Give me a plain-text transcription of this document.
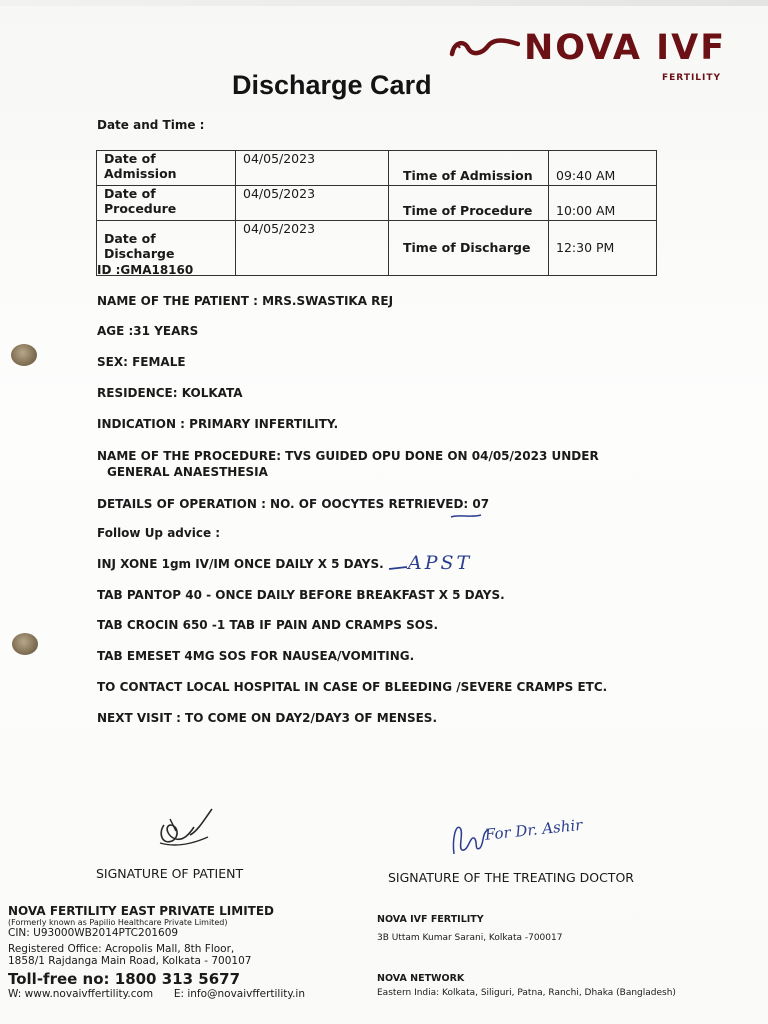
NOVA IVF
FERTILITY
Discharge Card
Date and Time :
Date of Admission	04/05/2023	Time of Admission	09:40 AM
Date of Procedure	04/05/2023	Time of Procedure	10:00 AM
Date of Discharge	04/05/2023	Time of Discharge	12:30 PM
ID :GMA18160
NAME OF THE PATIENT : MRS.SWASTIKA REJ
AGE :31 YEARS
SEX: FEMALE
RESIDENCE: KOLKATA
INDICATION : PRIMARY INFERTILITY.
NAME OF THE PROCEDURE: TVS GUIDED OPU DONE ON 04/05/2023 UNDER
GENERAL ANAESTHESIA
DETAILS OF OPERATION : NO. OF OOCYTES RETRIEVED: 07
Follow Up advice :
INJ XONE 1gm IV/IM ONCE DAILY X 5 DAYS. APST
TAB PANTOP 40 - ONCE DAILY BEFORE BREAKFAST X 5 DAYS.
TAB CROCIN 650 -1 TAB IF PAIN AND CRAMPS SOS.
TAB EMESET 4MG SOS FOR NAUSEA/VOMITING.
TO CONTACT LOCAL HOSPITAL IN CASE OF BLEEDING /SEVERE CRAMPS ETC.
NEXT VISIT : TO COME ON DAY2/DAY3 OF MENSES.
SIGNATURE OF PATIENT
For Dr. Ashir
SIGNATURE OF THE TREATING DOCTOR
NOVA FERTILITY EAST PRIVATE LIMITED
(Formerly known as Papilio Healthcare Private Limited)
CIN: U93000WB2014PTC201609
Registered Office: Acropolis Mall, 8th Floor,
1858/1 Rajdanga Main Road, Kolkata - 700107
Toll-free no: 1800 313 5677
W: www.novaivffertility.com E: info@novaivffertility.in
NOVA IVF FERTILITY
3B Uttam Kumar Sarani, Kolkata -700017
NOVA NETWORK
Eastern India: Kolkata, Siliguri, Patna, Ranchi, Dhaka (Bangladesh)
